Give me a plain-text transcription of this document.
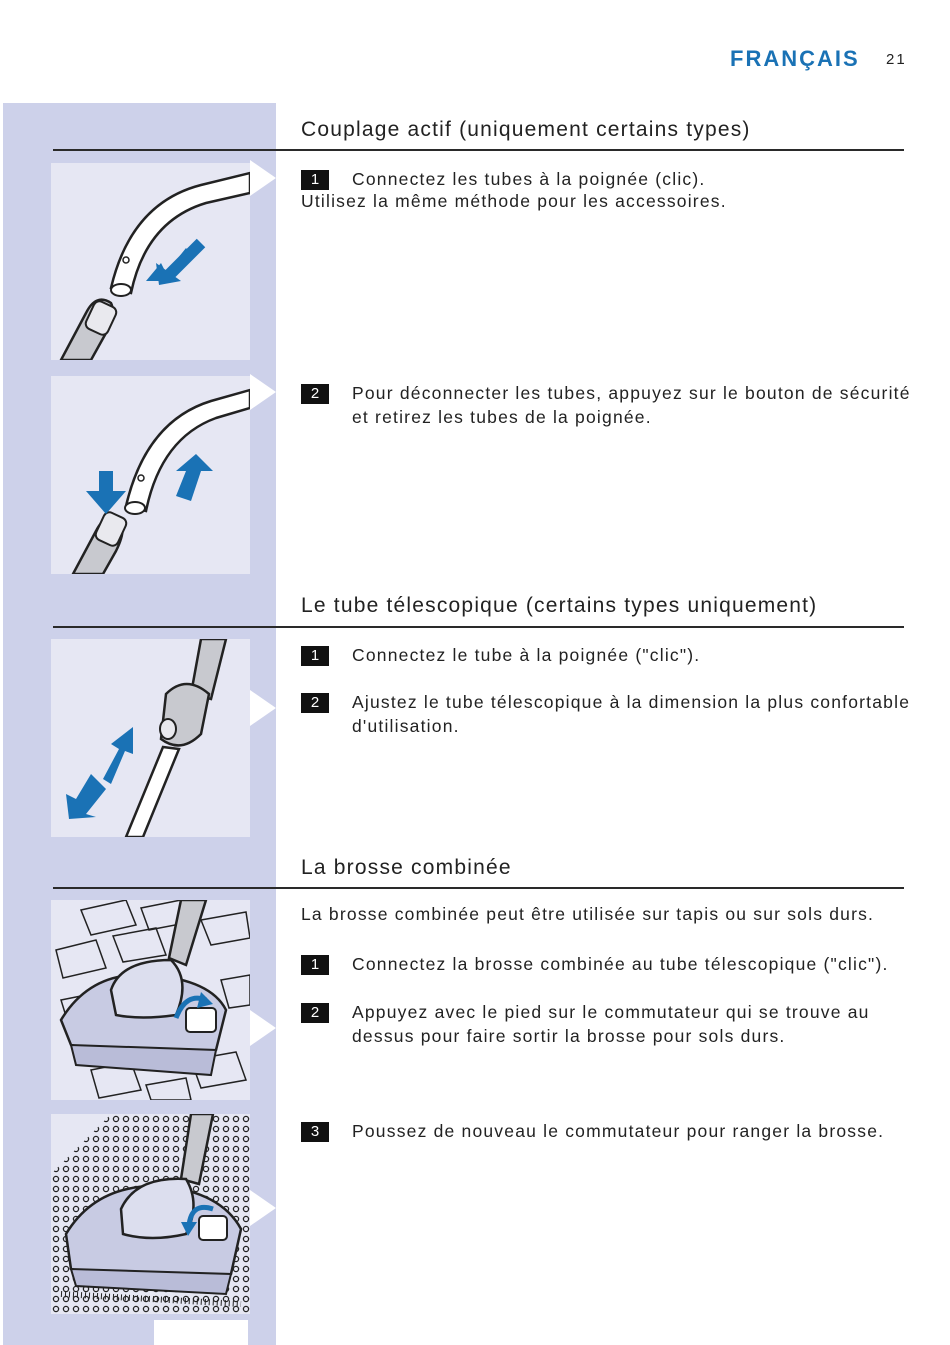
FRANÇAIS 21
Couplage actif (uniquement certains types)
1	Connectez les tubes à la poignée (clic).
Utilisez la même méthode pour les accessoires.
2	Pour déconnecter les tubes, appuyez sur le bouton de sécurité et retirez les tubes de la poignée.
Le tube télescopique (certains types uniquement)
1	Connectez le tube à la poignée ("clic").
2	Ajustez le tube télescopique à la dimension la plus confortable d'utilisation.
La brosse combinée
La brosse combinée peut être utilisée sur tapis ou sur sols durs.
1	Connectez la brosse combinée au tube télescopique ("clic").
2	Appuyez avec le pied sur le commutateur qui se trouve au dessus pour faire sortir la brosse pour sols durs.
3	Poussez de nouveau le commutateur pour ranger la brosse.
